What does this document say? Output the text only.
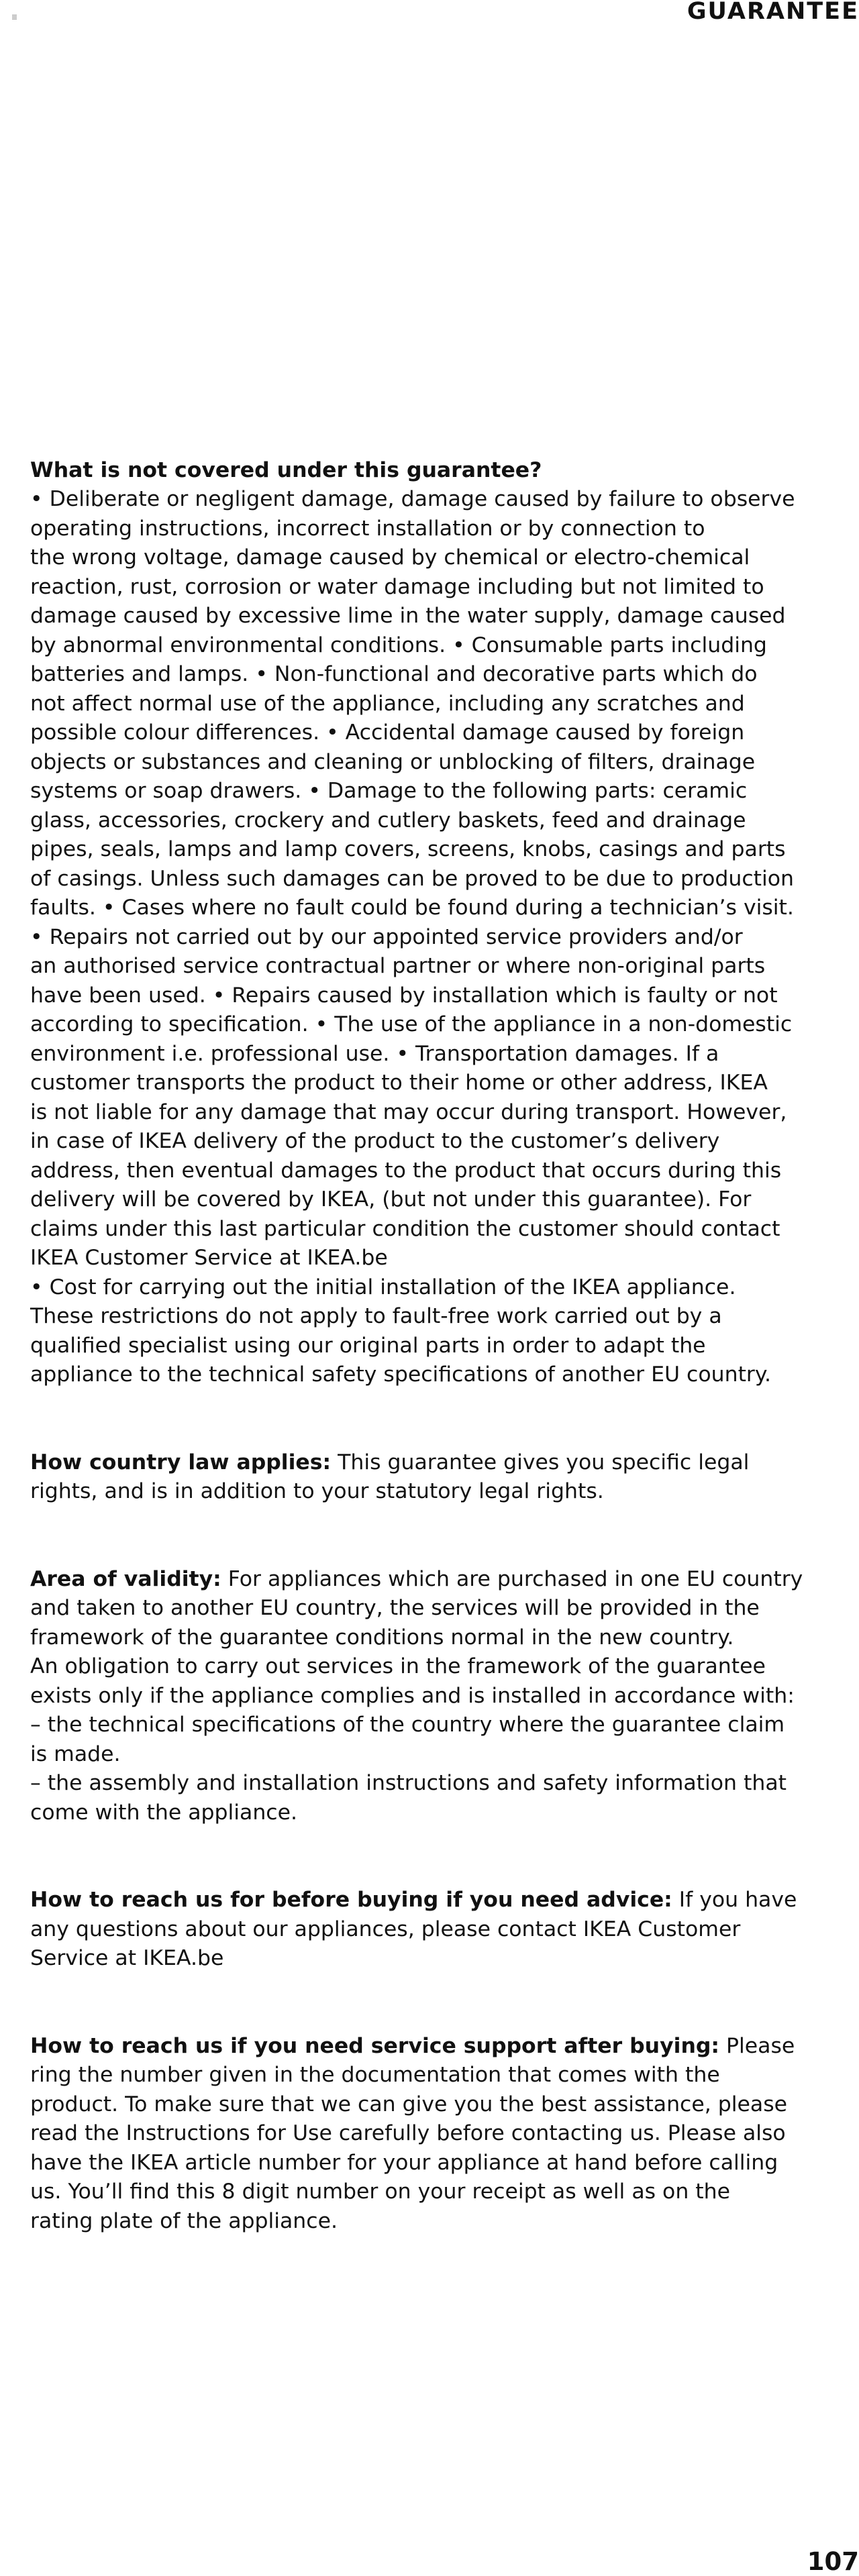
GUARANTEE

What is not covered under this guarantee?
• Deliberate or negligent damage, damage caused by failure to observe
operating instructions, incorrect installation or by connection to
the wrong voltage, damage caused by chemical or electro-chemical
reaction, rust, corrosion or water damage including but not limited to
damage caused by excessive lime in the water supply, damage caused
by abnormal environmental conditions. • Consumable parts including
batteries and lamps. • Non-functional and decorative parts which do
not affect normal use of the appliance, including any scratches and
possible colour differences. • Accidental damage caused by foreign
objects or substances and cleaning or unblocking of filters, drainage
systems or soap drawers. • Damage to the following parts: ceramic
glass, accessories, crockery and cutlery baskets, feed and drainage
pipes, seals, lamps and lamp covers, screens, knobs, casings and parts
of casings. Unless such damages can be proved to be due to production
faults. • Cases where no fault could be found during a technician’s visit.
• Repairs not carried out by our appointed service providers and/or
an authorised service contractual partner or where non-original parts
have been used. • Repairs caused by installation which is faulty or not
according to specification. • The use of the appliance in a non-domestic
environment i.e. professional use. • Transportation damages. If a
customer transports the product to their home or other address, IKEA
is not liable for any damage that may occur during transport. However,
in case of IKEA delivery of the product to the customer’s delivery
address, then eventual damages to the product that occurs during this
delivery will be covered by IKEA, (but not under this guarantee). For
claims under this last particular condition the customer should contact
IKEA Customer Service at IKEA.be
• Cost for carrying out the initial installation of the IKEA appliance.
These restrictions do not apply to fault-free work carried out by a
qualified specialist using our original parts in order to adapt the
appliance to the technical safety specifications of another EU country.

How country law applies: This guarantee gives you specific legal
rights, and is in addition to your statutory legal rights.

Area of validity: For appliances which are purchased in one EU country
and taken to another EU country, the services will be provided in the
framework of the guarantee conditions normal in the new country.
An obligation to carry out services in the framework of the guarantee
exists only if the appliance complies and is installed in accordance with:
– the technical specifications of the country where the guarantee claim
is made.
– the assembly and installation instructions and safety information that
come with the appliance.

How to reach us for before buying if you need advice: If you have
any questions about our appliances, please contact IKEA Customer
Service at IKEA.be

How to reach us if you need service support after buying: Please
ring the number given in the documentation that comes with the
product. To make sure that we can give you the best assistance, please
read the Instructions for Use carefully before contacting us. Please also
have the IKEA article number for your appliance at hand before calling
us. You’ll find this 8 digit number on your receipt as well as on the
rating plate of the appliance.

107
